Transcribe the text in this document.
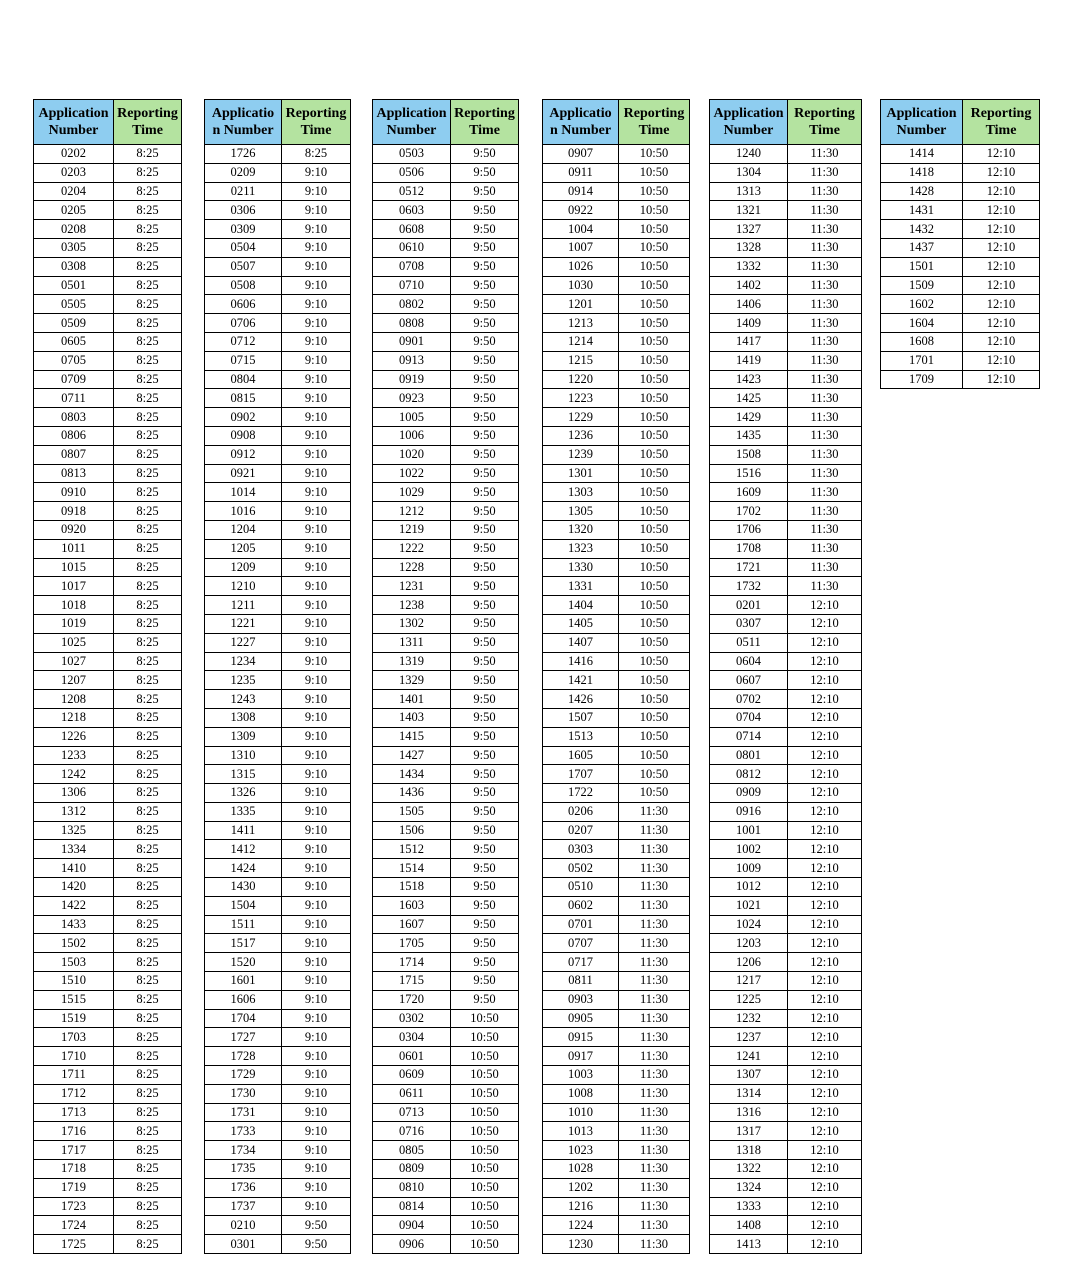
Application
Number	Reporting
Time

0202	8:25

0203	8:25

0204	8:25

0205	8:25

0208	8:25

0305	8:25

0308	8:25

0501	8:25

0505	8:25

0509	8:25

0605	8:25

0705	8:25

0709	8:25

0711	8:25

0803	8:25

0806	8:25

0807	8:25

0813	8:25

0910	8:25

0918	8:25

0920	8:25

1011	8:25

1015	8:25

1017	8:25

1018	8:25

1019	8:25

1025	8:25

1027	8:25

1207	8:25

1208	8:25

1218	8:25

1226	8:25

1233	8:25

1242	8:25

1306	8:25

1312	8:25

1325	8:25

1334	8:25

1410	8:25

1420	8:25

1422	8:25

1433	8:25

1502	8:25

1503	8:25

1510	8:25

1515	8:25

1519	8:25

1703	8:25

1710	8:25

1711	8:25

1712	8:25

1713	8:25

1716	8:25

1717	8:25

1718	8:25

1719	8:25

1723	8:25

1724	8:25

1725	8:25
Applicatio
n Number	Reporting
Time

1726	8:25

0209	9:10

0211	9:10

0306	9:10

0309	9:10

0504	9:10

0507	9:10

0508	9:10

0606	9:10

0706	9:10

0712	9:10

0715	9:10

0804	9:10

0815	9:10

0902	9:10

0908	9:10

0912	9:10

0921	9:10

1014	9:10

1016	9:10

1204	9:10

1205	9:10

1209	9:10

1210	9:10

1211	9:10

1221	9:10

1227	9:10

1234	9:10

1235	9:10

1243	9:10

1308	9:10

1309	9:10

1310	9:10

1315	9:10

1326	9:10

1335	9:10

1411	9:10

1412	9:10

1424	9:10

1430	9:10

1504	9:10

1511	9:10

1517	9:10

1520	9:10

1601	9:10

1606	9:10

1704	9:10

1727	9:10

1728	9:10

1729	9:10

1730	9:10

1731	9:10

1733	9:10

1734	9:10

1735	9:10

1736	9:10

1737	9:10

0210	9:50

0301	9:50
Application
Number	Reporting
Time

0503	9:50

0506	9:50

0512	9:50

0603	9:50

0608	9:50

0610	9:50

0708	9:50

0710	9:50

0802	9:50

0808	9:50

0901	9:50

0913	9:50

0919	9:50

0923	9:50

1005	9:50

1006	9:50

1020	9:50

1022	9:50

1029	9:50

1212	9:50

1219	9:50

1222	9:50

1228	9:50

1231	9:50

1238	9:50

1302	9:50

1311	9:50

1319	9:50

1329	9:50

1401	9:50

1403	9:50

1415	9:50

1427	9:50

1434	9:50

1436	9:50

1505	9:50

1506	9:50

1512	9:50

1514	9:50

1518	9:50

1603	9:50

1607	9:50

1705	9:50

1714	9:50

1715	9:50

1720	9:50

0302	10:50

0304	10:50

0601	10:50

0609	10:50

0611	10:50

0713	10:50

0716	10:50

0805	10:50

0809	10:50

0810	10:50

0814	10:50

0904	10:50

0906	10:50
Applicatio
n Number	Reporting
Time

0907	10:50

0911	10:50

0914	10:50

0922	10:50

1004	10:50

1007	10:50

1026	10:50

1030	10:50

1201	10:50

1213	10:50

1214	10:50

1215	10:50

1220	10:50

1223	10:50

1229	10:50

1236	10:50

1239	10:50

1301	10:50

1303	10:50

1305	10:50

1320	10:50

1323	10:50

1330	10:50

1331	10:50

1404	10:50

1405	10:50

1407	10:50

1416	10:50

1421	10:50

1426	10:50

1507	10:50

1513	10:50

1605	10:50

1707	10:50

1722	10:50

0206	11:30

0207	11:30

0303	11:30

0502	11:30

0510	11:30

0602	11:30

0701	11:30

0707	11:30

0717	11:30

0811	11:30

0903	11:30

0905	11:30

0915	11:30

0917	11:30

1003	11:30

1008	11:30

1010	11:30

1013	11:30

1023	11:30

1028	11:30

1202	11:30

1216	11:30

1224	11:30

1230	11:30
Application
Number	Reporting
Time

1240	11:30

1304	11:30

1313	11:30

1321	11:30

1327	11:30

1328	11:30

1332	11:30

1402	11:30

1406	11:30

1409	11:30

1417	11:30

1419	11:30

1423	11:30

1425	11:30

1429	11:30

1435	11:30

1508	11:30

1516	11:30

1609	11:30

1702	11:30

1706	11:30

1708	11:30

1721	11:30

1732	11:30

0201	12:10

0307	12:10

0511	12:10

0604	12:10

0607	12:10

0702	12:10

0704	12:10

0714	12:10

0801	12:10

0812	12:10

0909	12:10

0916	12:10

1001	12:10

1002	12:10

1009	12:10

1012	12:10

1021	12:10

1024	12:10

1203	12:10

1206	12:10

1217	12:10

1225	12:10

1232	12:10

1237	12:10

1241	12:10

1307	12:10

1314	12:10

1316	12:10

1317	12:10

1318	12:10

1322	12:10

1324	12:10

1333	12:10

1408	12:10

1413	12:10
Application
Number	Reporting
Time

1414	12:10

1418	12:10

1428	12:10

1431	12:10

1432	12:10

1437	12:10

1501	12:10

1509	12:10

1602	12:10

1604	12:10

1608	12:10

1701	12:10

1709	12:10
